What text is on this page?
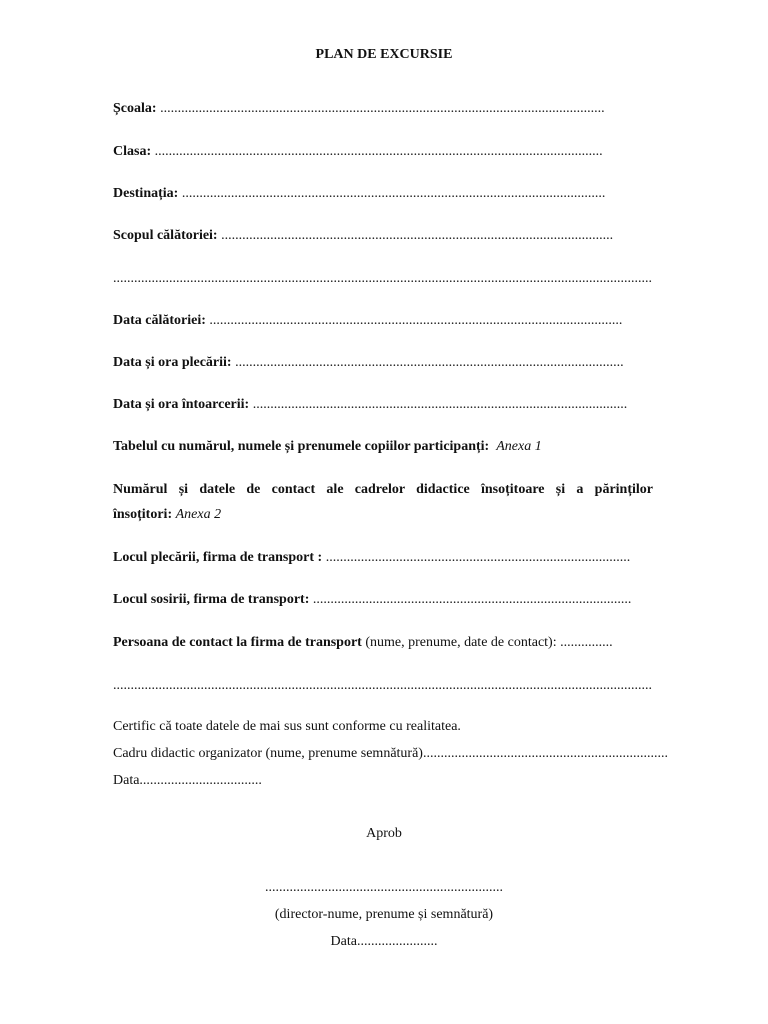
PLAN DE EXCURSIE
Școala: ...............................................................................................................................
Clasa: ................................................................................................................................
Destinația: .........................................................................................................................
Scopul călătoriei: ................................................................................................................
..........................................................................................................................................................
Data călătoriei: ......................................................................................................................
Data și ora plecării: ...............................................................................................................
Data și ora întoarcerii: ...........................................................................................................
Tabelul cu numărul, numele și prenumele copiilor participanți: Anexa 1
Numărul și datele de contact ale cadrelor didactice însoțitoare și a părinților
însoțitori: Anexa 2
Locul plecării, firma de transport : .......................................................................................
Locul sosirii, firma de transport: ...........................................................................................
Persoana de contact la firma de transport (nume, prenume, date de contact): ...............
..........................................................................................................................................................
Certific că toate datele de mai sus sunt conforme cu realitatea.
Cadru didactic organizator (nume, prenume semnătură)......................................................................
Data...................................
Aprob
....................................................................
(director-nume, prenume și semnătură)
Data.......................
